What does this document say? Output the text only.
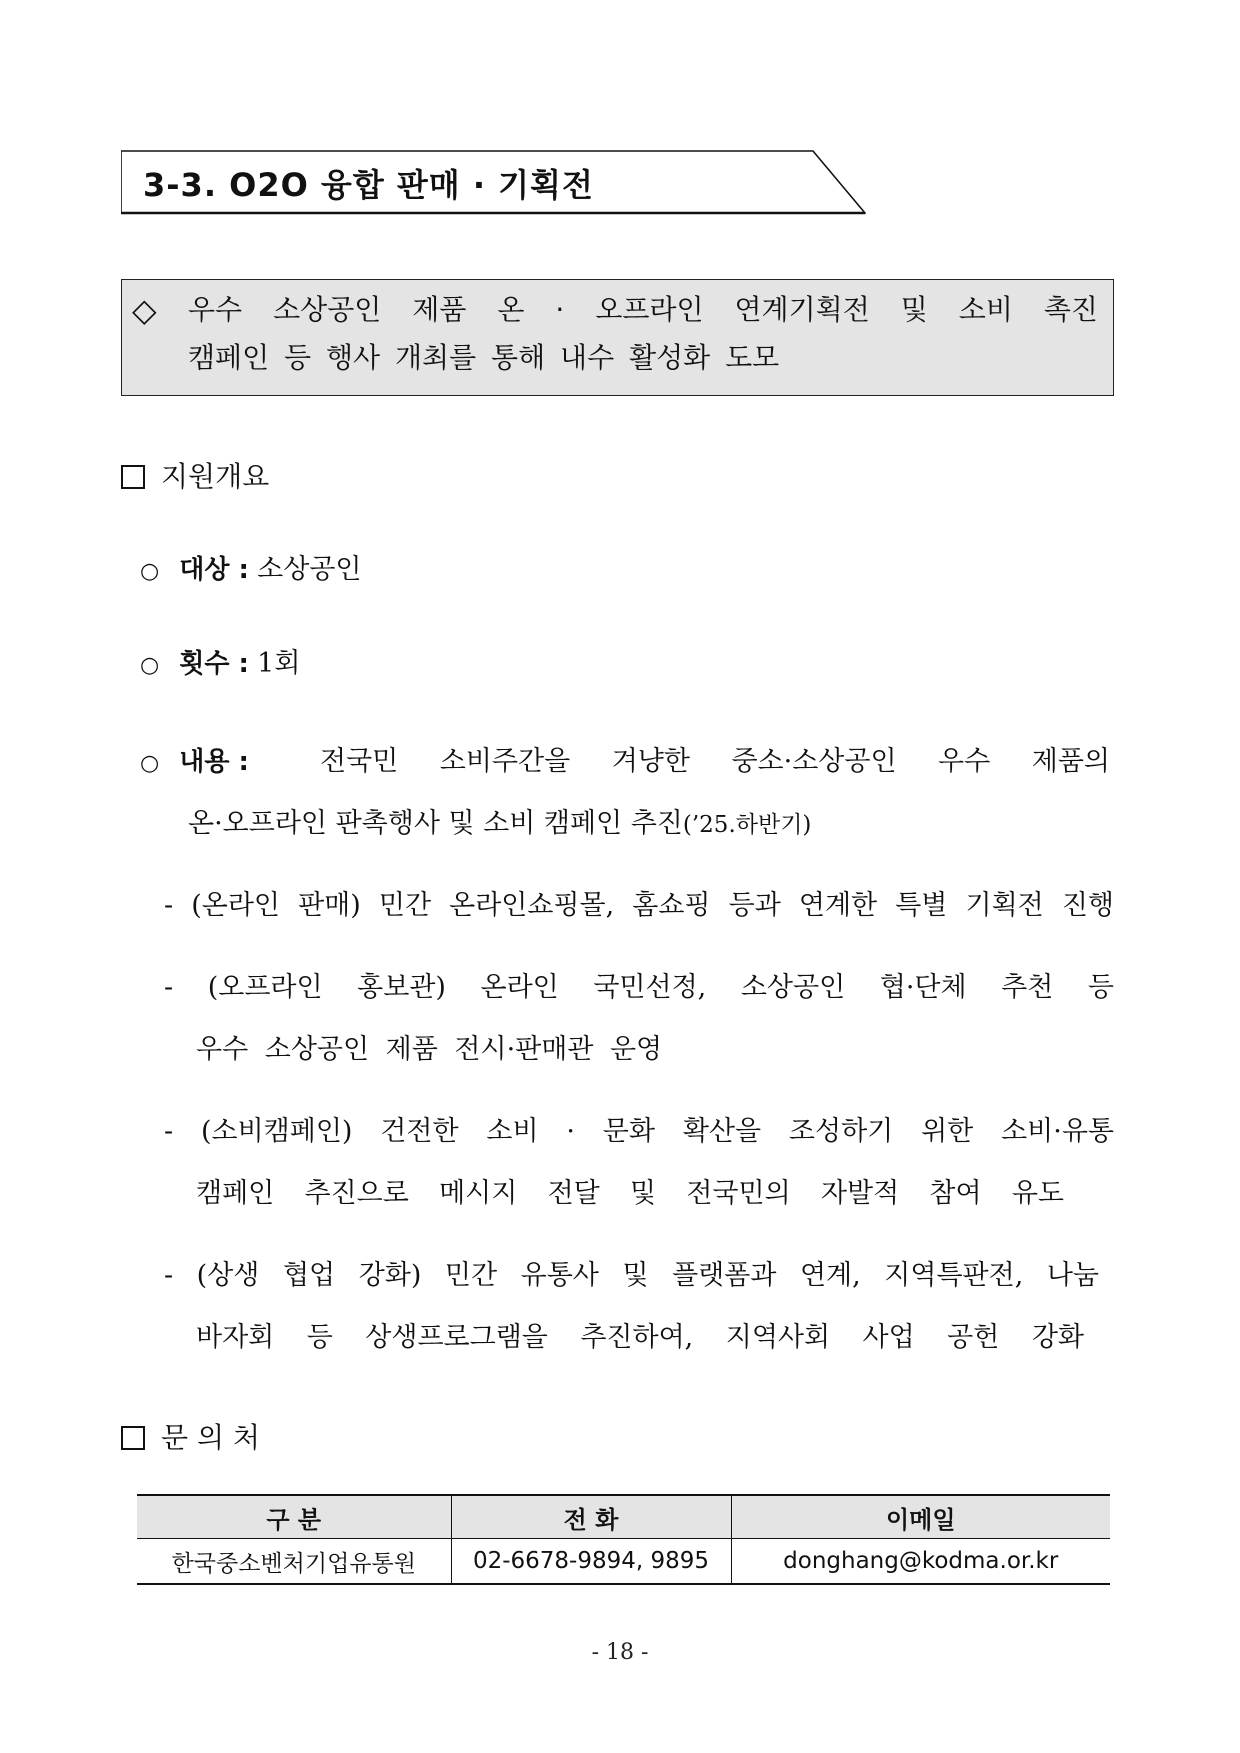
3-3. O2O 융합 판매 · 기획전
◇ 우수 소상공인 제품 온 · 오프라인 연계기획전 및 소비 촉진
캠페인 등 행사 개최를 통해 내수 활성화 도모
지원개요
○ 대상 : 소상공인
○ 횟수 : 1회
○ 내용 :	전국민 소비주간을 겨냥한 중소·소상공인 우수 제품의
온·오프라인 판촉행사 및 소비 캠페인 추진(’25.하반기)
- (온라인 판매) 민간 온라인쇼핑몰, 홈쇼핑 등과 연계한 특별 기획전 진행
- (오프라인 홍보관) 온라인 국민선정, 소상공인 협·단체 추천 등
우수 소상공인 제품 전시·판매관 운영
- (소비캠페인) 건전한 소비 · 문화 확산을 조성하기 위한 소비·유통
캠페인 추진으로 메시지 전달 및 전국민의 자발적 참여 유도
- (상생 협업 강화) 민간 유통사 및 플랫폼과 연계, 지역특판전, 나눔
바자회 등 상생프로그램을 추진하여, 지역사회 사업 공헌 강화
문 의 처
구 분	전 화	이메일
한국중소벤처기업유통원	02-6678-9894, 9895	donghang@kodma.or.kr
- 18 -
